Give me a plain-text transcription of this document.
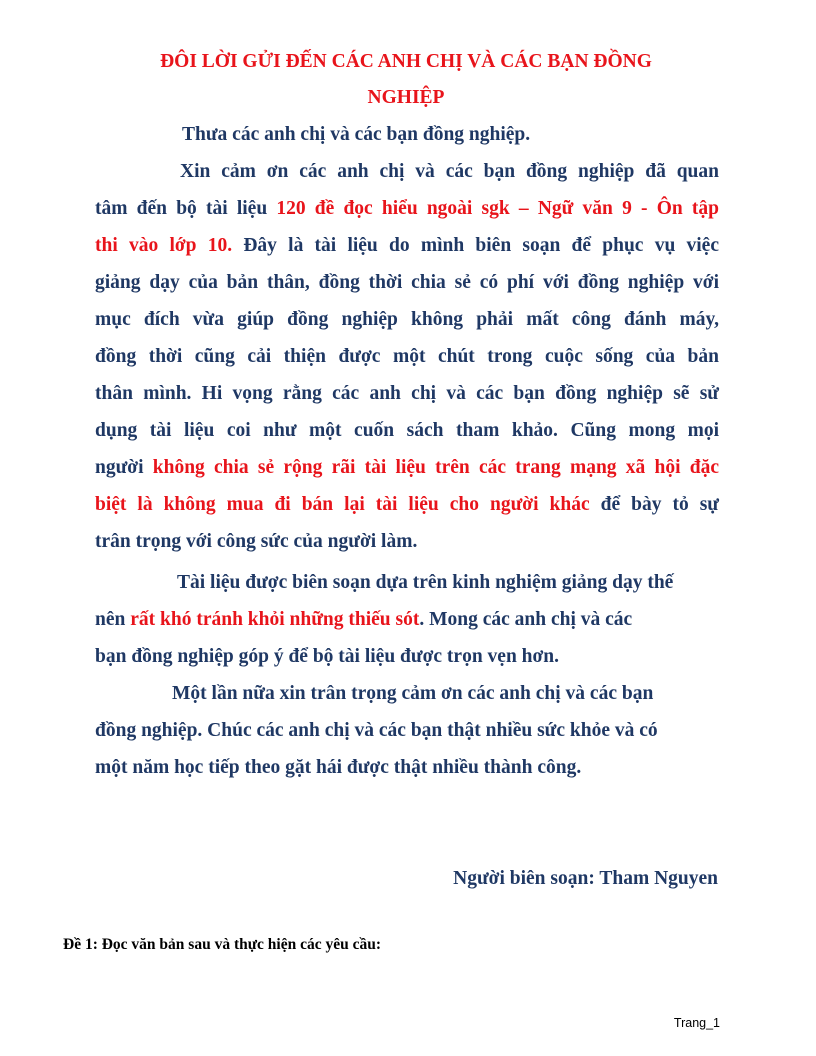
ĐÔI LỜI GỬI ĐẾN CÁC ANH CHỊ VÀ CÁC BẠN ĐỒNG
NGHIỆP
Thưa các anh chị và các bạn đồng nghiệp.
Xin cảm ơn các anh chị và các bạn đồng nghiệp đã quan
tâm đến bộ tài liệu 120 đề đọc hiểu ngoài sgk – Ngữ văn 9 - Ôn tập
thi vào lớp 10. Đây là tài liệu do mình biên soạn để phục vụ việc
giảng dạy của bản thân, đồng thời chia sẻ có phí với đồng nghiệp với
mục đích vừa giúp đồng nghiệp không phải mất công đánh máy,
đồng thời cũng cải thiện được một chút trong cuộc sống của bản
thân mình. Hi vọng rằng các anh chị và các bạn đồng nghiệp sẽ sử
dụng tài liệu coi như một cuốn sách tham khảo. Cũng mong mọi
người không chia sẻ rộng rãi tài liệu trên các trang mạng xã hội đặc
biệt là không mua đi bán lại tài liệu cho người khác để bày tỏ sự
trân trọng với công sức của người làm.
Tài liệu được biên soạn dựa trên kinh nghiệm giảng dạy thế
nên rất khó tránh khỏi những thiếu sót. Mong các anh chị và các
bạn đồng nghiệp góp ý để bộ tài liệu được trọn vẹn hơn.
Một lần nữa xin trân trọng cảm ơn các anh chị và các bạn
đồng nghiệp. Chúc các anh chị và các bạn thật nhiều sức khỏe và có
một năm học tiếp theo gặt hái được thật nhiều thành công.
Người biên soạn: Tham Nguyen
Đề 1: Đọc văn bản sau và thực hiện các yêu cầu:
Trang_1
